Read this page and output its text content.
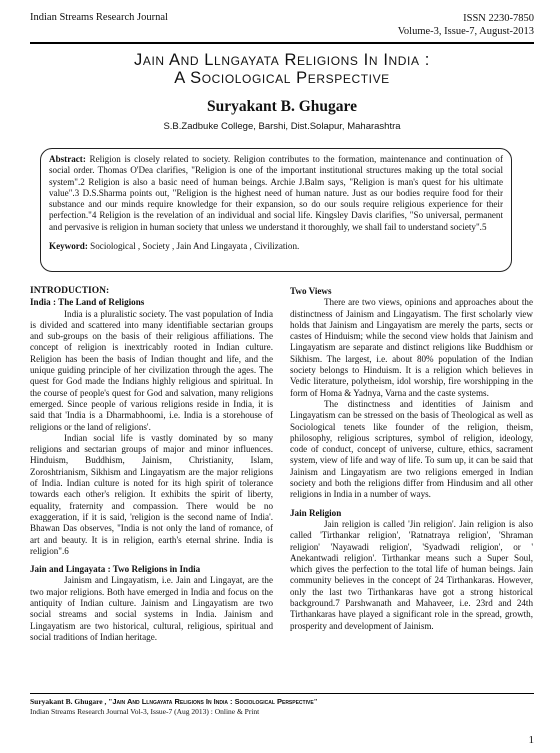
Indian Streams Research Journal	ISSN 2230-7850
Volume-3, Issue-7, August-2013
Jain And Llngayata Religions In India :
A Sociological Perspective
Suryakant B. Ghugare
S.B.Zadbuke College, Barshi, Dist.Solapur, Maharashtra

Abstract: Religion is closely related to society. Religion contributes to the formation, maintenance and continuation of social order. Thomas O'Dea clarifies, "Religion is one of the important institutional structures making up the total social system".2 Religion is also a basic need of human beings. Archie J.Balm says, "Religion is man's quest for his ultimate value".3 D.S.Sharma points out, "Religion is the highest need of human nature. Just as our bodies require food for their substance and our minds require knowledge for their expansion, so do our souls require religious experience for their perfection."4 Religion is the revelation of an individual and social life. Kingsley Davis clarifies, "So universal, permanent and pervasive is religion in human society that unless we understand it thoroughly, we shall fail to understand society".5

Keyword: Sociological , Society , Jain And Lingayata , Civilization.

INTRODUCTION:

India : The Land of Religions

India is a pluralistic society. The vast population of India is divided and scattered into many identifiable sectarian groups and sub-groups on the basis of their religious affiliations. The concept of religion is inextricably rooted in Indian culture. Religion has been the basis of Indian thought and life, and the unique guiding principle of her civilization through the ages. The quest for God made the Indians highly religious and spiritual. In the course of people's quest for God and salvation, many religions emerged. Since people of various religions reside in India, it is said that 'India is a Dharmabhoomi, i.e. India is a storehouse of religions or the land of religions'.

Indian social life is vastly dominated by so many religions and sectarian groups of major and minor influences. Hinduism, Buddhism, Jainism, Christianity, Islam, Zoroshtrianism, Sikhism and Lingayatism are the major religions of India. Indian culture is noted for its high spirit of tolerance towards each other's religion. It exhibits the spirit of liberty, equality, fraternity and compassion. There would be no exaggeration, if it is said, 'religion is the second name of India'. Bhawan Das observes, "India is not only the land of romance, of art and beauty. It is in religion, earth's eternal shrine. India is religion".6

Jain and Lingayata : Two Religions in India

Jainism and Lingayatism, i.e. Jain and Lingayat, are the two major religions. Both have emerged in India and focus on the antiquity of Indian culture. Jainism and Lingayatism are two social streams and social systems in India. Jainism and Lingayatism are two historical, cultural, religious, spiritual and social traditions of Indian heritage.

Two Views

There are two views, opinions and approaches about the distinctness of Jainism and Lingayatism. The first scholarly view holds that Jainism and Lingayatism are merely the parts, sects or castes of Hinduism; while the second view holds that Jainism and Lingayatism are separate and distinct religions like Buddhism or Sikhism. The largest, i.e. about 80% population of the Indian society belongs to Hinduism. It is a religion which believes in Vedic literature, polytheism, idol worship, fire worshipping in the form of Homa & Yadnya, Varna and the caste systems.

The distinctness and identities of Jainism and Lingayatism can be stressed on the basis of Theological as well as Sociological tenets like founder of the religion, theism, philosophy, religious scriptures, symbol of religion, ideology, code of conduct, concept of universe, culture, ethics, sacrament system, view of life and way of life. To sum up, it can be said that Jainism and Lingayatism are two religions emerged in Indian society and both the religions differ from Hindusim and all other religions in India in a number of ways.

Jain Religion

Jain religion is called 'Jin religion'. Jain religion is also called 'Tirthankar religion', 'Ratnatraya religion', 'Shraman religion' 'Nayawadi religion', 'Syadwadi religion', or ' Anekantwadi religion'. Tirthankar means such a Super Soul, which gives the perfection to the total life of human beings. Jain community believes in the concept of 24 Tirthankaras. However, only the last two Tirthankaras have got a strong historical background.7 Parshwanath and Mahaveer, i.e. 23rd and 24th Tirthankaras have played a significant role in the spread, growth, prosperity and development of Jainism.

Suryakant B. Ghugare , "Jain And Llngayata Religions In India : Sociological Perspective"
Indian Streams Research Journal Vol-3, Issue-7 (Aug 2013) : Online & Print
1
